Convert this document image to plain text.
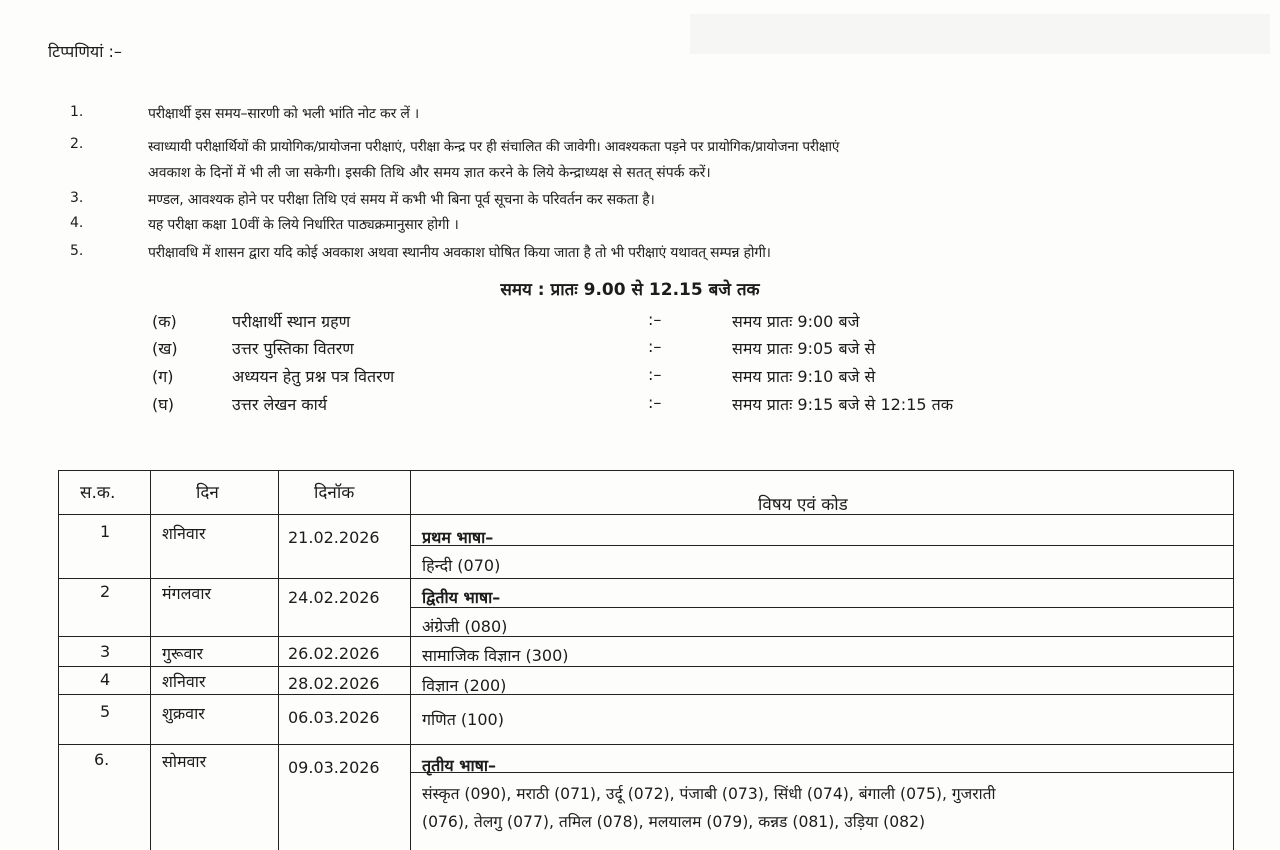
टिप्पणियां :–
1.	परीक्षार्थी इस समय–सारणी को भली भांति नोट कर लें ।
2.	स्वाध्यायी परीक्षार्थियों की प्रायोगिक/प्रायोजना परीक्षाएं, परीक्षा केन्द्र पर ही संचालित की जावेगी। आवश्यकता पड़ने पर प्रायोगिक/प्रायोजना परीक्षाएं
अवकाश के दिनों में भी ली जा सकेगी। इसकी तिथि और समय ज्ञात करने के लिये केन्द्राध्यक्ष से सतत् संपर्क करें।
3.	मण्डल, आवश्यक होने पर परीक्षा तिथि एवं समय में कभी भी बिना पूर्व सूचना के परिवर्तन कर सकता है।
4.	यह परीक्षा कक्षा 10वीं के लिये निर्धारित पाठ्यक्रमानुसार होगी ।
5.	परीक्षावधि में शासन द्वारा यदि कोई अवकाश अथवा स्थानीय अवकाश घोषित किया जाता है तो भी परीक्षाएं यथावत् सम्पन्न होगी।
समय : प्रातः 9.00 से 12.15 बजे तक
(क)	परीक्षार्थी स्थान ग्रहण	:–	समय प्रातः 9:00 बजे
(ख)	उत्तर पुस्तिका वितरण	:–	समय प्रातः 9:05 बजे से
(ग)	अध्ययन हेतु प्रश्न पत्र वितरण	:–	समय प्रातः 9:10 बजे से
(घ)	उत्तर लेखन कार्य	:–	समय प्रातः 9:15 बजे से 12:15 तक
स.क.	दिन	दिनॉक
विषय एवं कोड
1	शनिवार	21.02.2026	प्रथम भाषा–
हिन्दी (070)
2	मंगलवार	24.02.2026	द्वितीय भाषा–
अंग्रेजी (080)
3	गुरूवार	26.02.2026	सामाजिक विज्ञान (300)
4	शनिवार	28.02.2026	विज्ञान (200)
5	शुक्रवार	06.03.2026	गणित (100)
6.	सोमवार	09.03.2026	तृतीय भाषा–
संस्कृत (090), मराठी (071), उर्दू (072), पंजाबी (073), सिंधी (074), बंगाली (075), गुजराती
(076), तेलगु (077), तमिल (078), मलयालम (079), कन्नड (081), उड़िया (082)
